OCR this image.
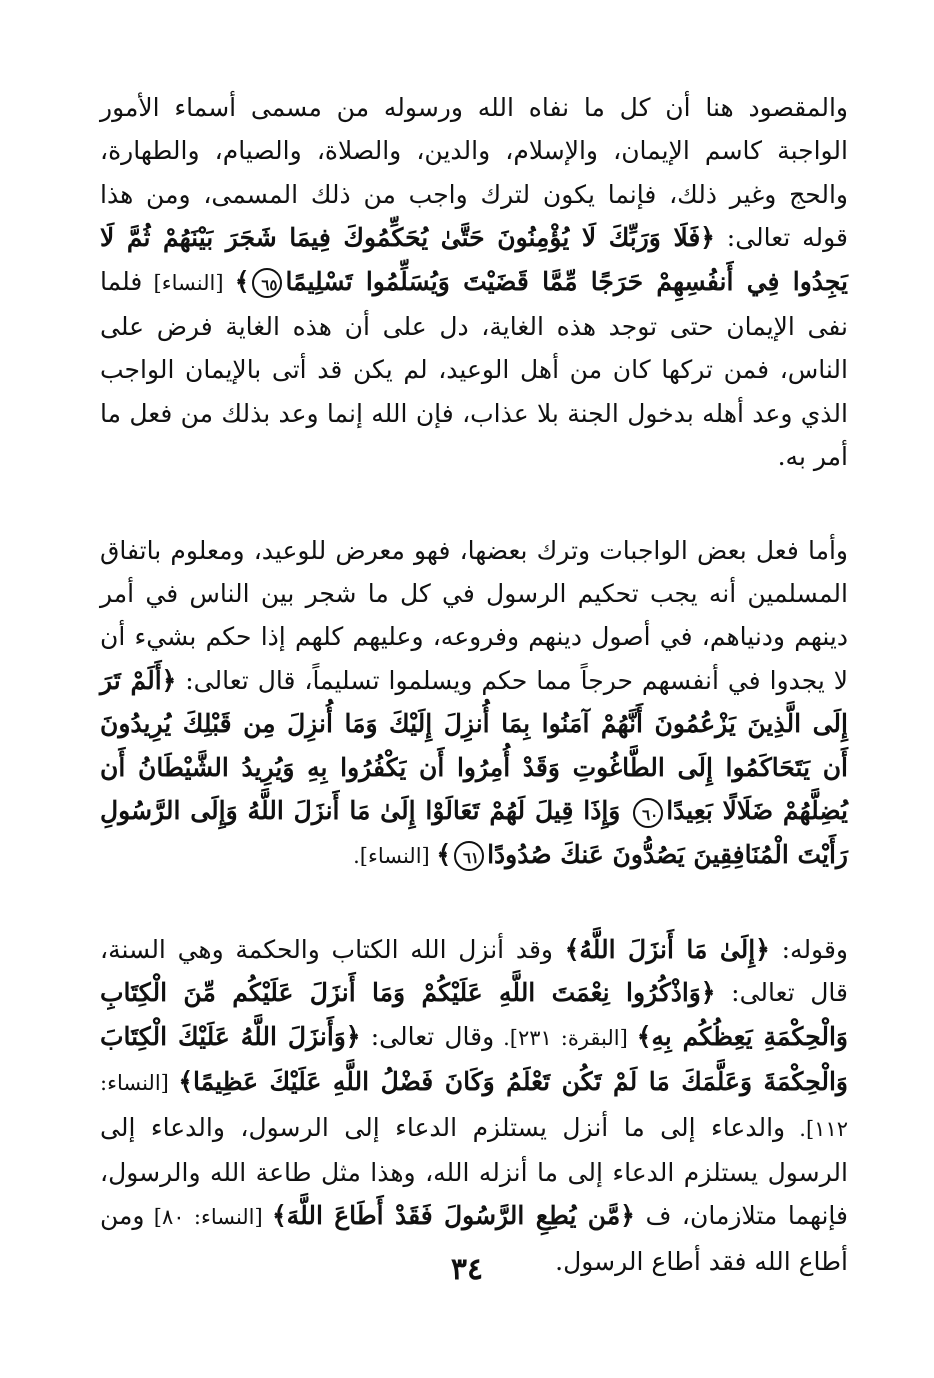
والمقصود هنا أن كل ما نفاه الله ورسوله من مسمى أسماء الأمور الواجبة كاسم الإيمان، والإسلام، والدين، والصلاة، والصيام، والطهارة، والحج وغير ذلك، فإنما يكون لترك واجب من ذلك المسمى، ومن هذا قوله تعالى: ﴿فَلَا وَرَبِّكَ لَا يُؤْمِنُونَ حَتَّىٰ يُحَكِّمُوكَ فِيمَا شَجَرَ بَيْنَهُمْ ثُمَّ لَا يَجِدُوا فِي أَنفُسِهِمْ حَرَجًا مِّمَّا قَضَيْتَ وَيُسَلِّمُوا تَسْلِيمًا٦٥﴾ [النساء] فلما نفى الإيمان حتى توجد هذه الغاية، دل على أن هذه الغاية فرض على الناس، فمن تركها كان من أهل الوعيد، لم يكن قد أتى بالإيمان الواجب الذي وعد أهله بدخول الجنة بلا عذاب، فإن الله إنما وعد بذلك من فعل ما أمر به.

وأما فعل بعض الواجبات وترك بعضها، فهو معرض للوعيد، ومعلوم باتفاق المسلمين أنه يجب تحكيم الرسول في كل ما شجر بين الناس في أمر دينهم ودنياهم، في أصول دينهم وفروعه، وعليهم كلهم إذا حكم بشيء أن لا يجدوا في أنفسهم حرجاً مما حكم ويسلموا تسليماً، قال تعالى: ﴿أَلَمْ تَرَ إِلَى الَّذِينَ يَزْعُمُونَ أَنَّهُمْ آمَنُوا بِمَا أُنزِلَ إِلَيْكَ وَمَا أُنزِلَ مِن قَبْلِكَ يُرِيدُونَ أَن يَتَحَاكَمُوا إِلَى الطَّاغُوتِ وَقَدْ أُمِرُوا أَن يَكْفُرُوا بِهِ وَيُرِيدُ الشَّيْطَانُ أَن يُضِلَّهُمْ ضَلَالًا بَعِيدًا٦٠ وَإِذَا قِيلَ لَهُمْ تَعَالَوْا إِلَىٰ مَا أَنزَلَ اللَّهُ وَإِلَى الرَّسُولِ رَأَيْتَ الْمُنَافِقِينَ يَصُدُّونَ عَنكَ صُدُودًا٦١﴾ [النساء].

وقوله: ﴿إِلَىٰ مَا أَنزَلَ اللَّهُ﴾ وقد أنزل الله الكتاب والحكمة وهي السنة، قال تعالى: ﴿وَاذْكُرُوا نِعْمَتَ اللَّهِ عَلَيْكُمْ وَمَا أَنزَلَ عَلَيْكُم مِّنَ الْكِتَابِ وَالْحِكْمَةِ يَعِظُكُم بِهِ﴾ [البقرة: ٢٣١]. وقال تعالى: ﴿وَأَنزَلَ اللَّهُ عَلَيْكَ الْكِتَابَ وَالْحِكْمَةَ وَعَلَّمَكَ مَا لَمْ تَكُن تَعْلَمُ وَكَانَ فَضْلُ اللَّهِ عَلَيْكَ عَظِيمًا﴾ [النساء: ١١٢]. والدعاء إلى ما أنزل يستلزم الدعاء إلى الرسول، والدعاء إلى الرسول يستلزم الدعاء إلى ما أنزله الله، وهذا مثل طاعة الله والرسول، فإنهما متلازمان، ف ﴿مَّن يُطِعِ الرَّسُولَ فَقَدْ أَطَاعَ اللَّهَ﴾ [النساء: ٨٠] ومن أطاع الله فقد أطاع الرسول.

٣٤
